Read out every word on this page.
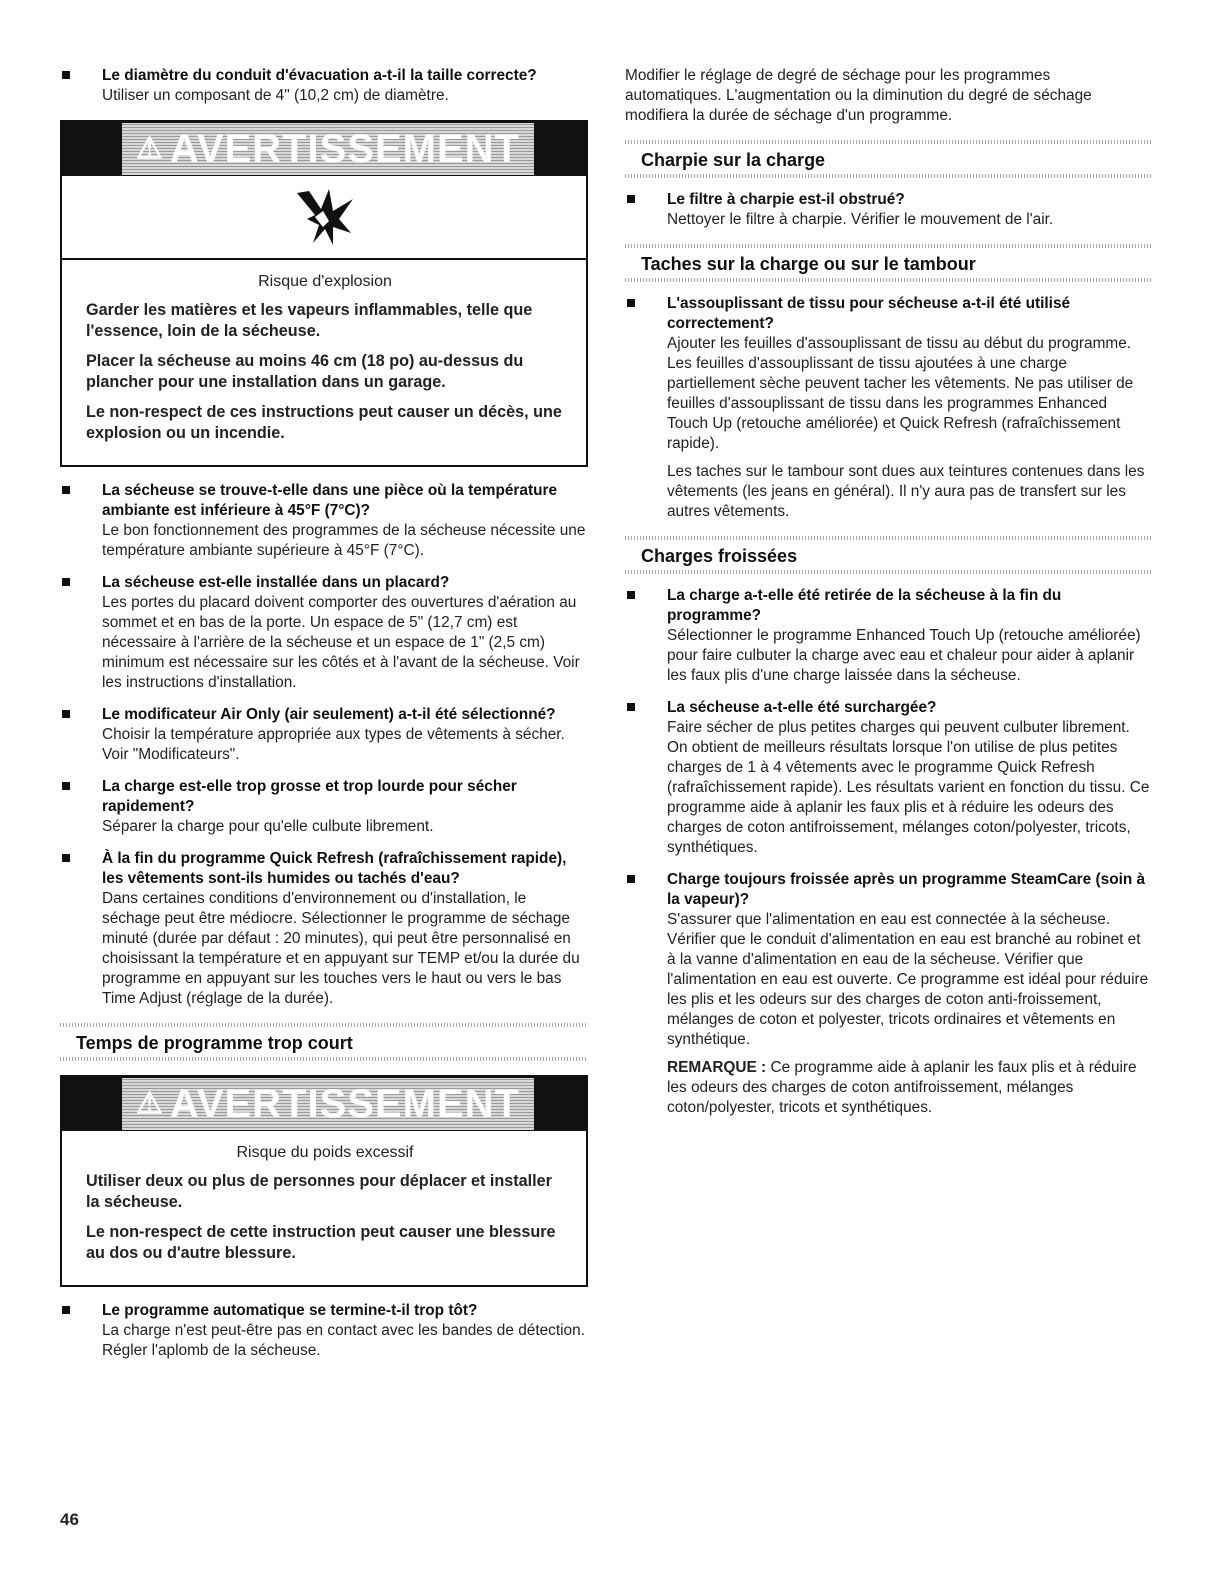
Le diamètre du conduit d'évacuation a-t-il la taille correcte?
Utiliser un composant de 4" (10,2 cm) de diamètre.
⚠ AVERTISSEMENT
Risque d'explosion
Garder les matières et les vapeurs inflammables, telle que l'essence, loin de la sécheuse.
Placer la sécheuse au moins 46 cm (18 po) au-dessus du plancher pour une installation dans un garage.
Le non-respect de ces instructions peut causer un décès, une explosion ou un incendie.
La sécheuse se trouve-t-elle dans une pièce où la température ambiante est inférieure à 45°F (7°C)?
Le bon fonctionnement des programmes de la sécheuse nécessite une température ambiante supérieure à 45°F (7°C).
La sécheuse est-elle installée dans un placard?
Les portes du placard doivent comporter des ouvertures d'aération au sommet et en bas de la porte. Un espace de 5" (12,7 cm) est nécessaire à l'arrière de la sécheuse et un espace de 1" (2,5 cm) minimum est nécessaire sur les côtés et à l'avant de la sécheuse. Voir les instructions d'installation.
Le modificateur Air Only (air seulement) a-t-il été sélectionné?
Choisir la température appropriée aux types de vêtements à sécher. Voir "Modificateurs".
La charge est-elle trop grosse et trop lourde pour sécher rapidement?
Séparer la charge pour qu'elle culbute librement.
À la fin du programme Quick Refresh (rafraîchissement rapide), les vêtements sont-ils humides ou tachés d'eau?
Dans certaines conditions d'environnement ou d'installation, le séchage peut être médiocre. Sélectionner le programme de séchage minuté (durée par défaut : 20 minutes), qui peut être personnalisé en choisissant la température et en appuyant sur TEMP et/ou la durée du programme en appuyant sur les touches vers le haut ou vers le bas Time Adjust (réglage de la durée).
Temps de programme trop court
⚠ AVERTISSEMENT
Risque du poids excessif
Utiliser deux ou plus de personnes pour déplacer et installer la sécheuse.
Le non-respect de cette instruction peut causer une blessure au dos ou d'autre blessure.
Le programme automatique se termine-t-il trop tôt?
La charge n'est peut-être pas en contact avec les bandes de détection. Régler l'aplomb de la sécheuse.
Modifier le réglage de degré de séchage pour les programmes automatiques. L'augmentation ou la diminution du degré de séchage modifiera la durée de séchage d'un programme.
Charpie sur la charge
Le filtre à charpie est-il obstrué?
Nettoyer le filtre à charpie. Vérifier le mouvement de l'air.
Taches sur la charge ou sur le tambour
L'assouplissant de tissu pour sécheuse a-t-il été utilisé correctement?
Ajouter les feuilles d'assouplissant de tissu au début du programme. Les feuilles d'assouplissant de tissu ajoutées à une charge partiellement sèche peuvent tacher les vêtements. Ne pas utiliser de feuilles d'assouplissant de tissu dans les programmes Enhanced Touch Up (retouche améliorée) et Quick Refresh (rafraîchissement rapide).
Les taches sur le tambour sont dues aux teintures contenues dans les vêtements (les jeans en général). Il n'y aura pas de transfert sur les autres vêtements.
Charges froissées
La charge a-t-elle été retirée de la sécheuse à la fin du programme?
Sélectionner le programme Enhanced Touch Up (retouche améliorée) pour faire culbuter la charge avec eau et chaleur pour aider à aplanir les faux plis d'une charge laissée dans la sécheuse.
La sécheuse a-t-elle été surchargée?
Faire sécher de plus petites charges qui peuvent culbuter librement. On obtient de meilleurs résultats lorsque l'on utilise de plus petites charges de 1 à 4 vêtements avec le programme Quick Refresh (rafraîchissement rapide). Les résultats varient en fonction du tissu. Ce programme aide à aplanir les faux plis et à réduire les odeurs des charges de coton antifroissement, mélanges coton/polyester, tricots, synthétiques.
Charge toujours froissée après un programme SteamCare (soin à la vapeur)?
S'assurer que l'alimentation en eau est connectée à la sécheuse. Vérifier que le conduit d'alimentation en eau est branché au robinet et à la vanne d'alimentation en eau de la sécheuse. Vérifier que l'alimentation en eau est ouverte. Ce programme est idéal pour réduire les plis et les odeurs sur des charges de coton anti-froissement, mélanges de coton et polyester, tricots ordinaires et vêtements en synthétique.
REMARQUE : Ce programme aide à aplanir les faux plis et à réduire les odeurs des charges de coton antifroissement, mélanges coton/polyester, tricots et synthétiques.
46
